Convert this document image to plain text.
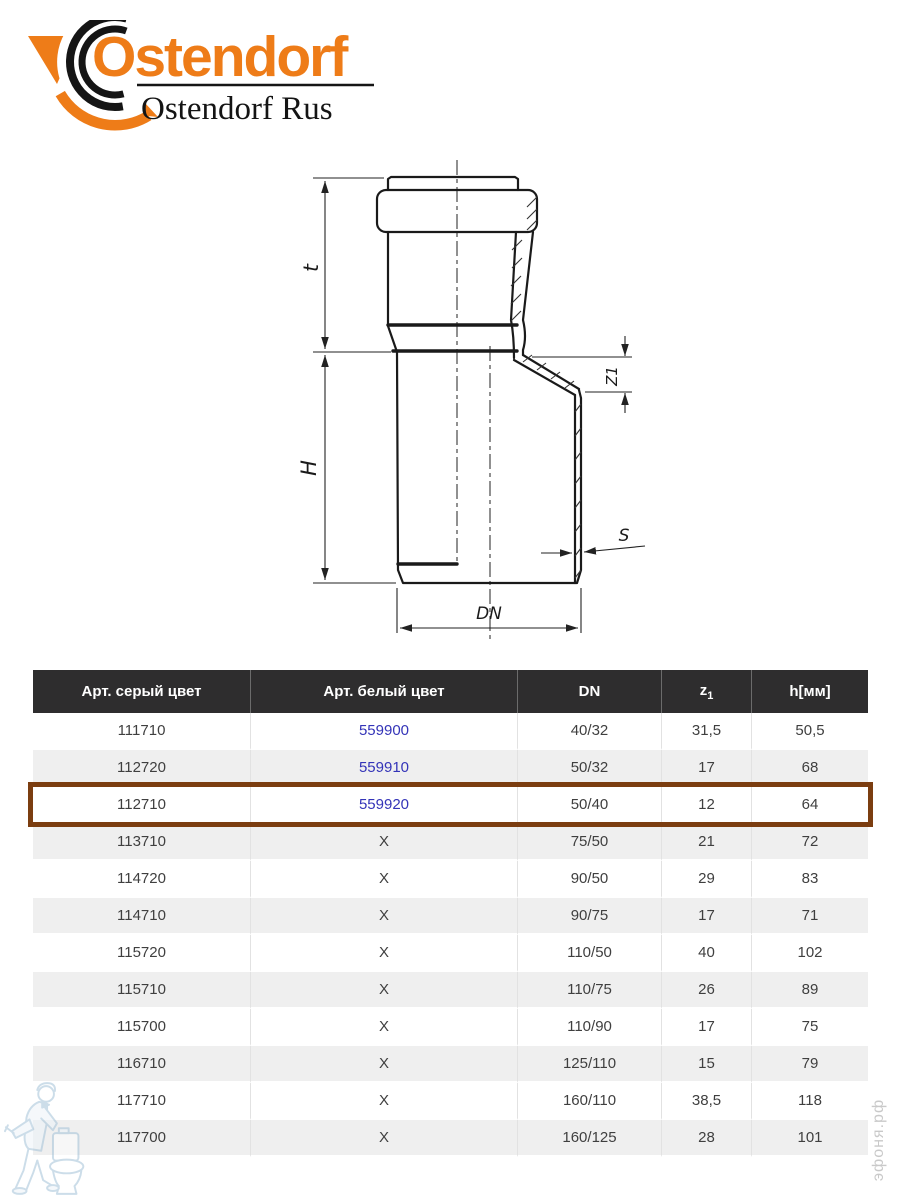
Ostendorf
Ostendorf Rus
t
H
Z1
S
DN
Арт. серый цвет	Арт. белый цвет	DN	$z_1$	h[мм]
111710	559900	40/32	31,5	50,5
112720	559910	50/32	17	68
112710	559920	50/40	12	64
113710	X	75/50	21	72
114720	X	90/50	29	83
114710	X	90/75	17	71
115720	X	110/50	40	102
115710	X	110/75	26	89
115700	X	110/90	17	75
116710	X	125/110	15	79
117710	X	160/110	38,5	118
117700	X	160/125	28	101	эфоня.рф
